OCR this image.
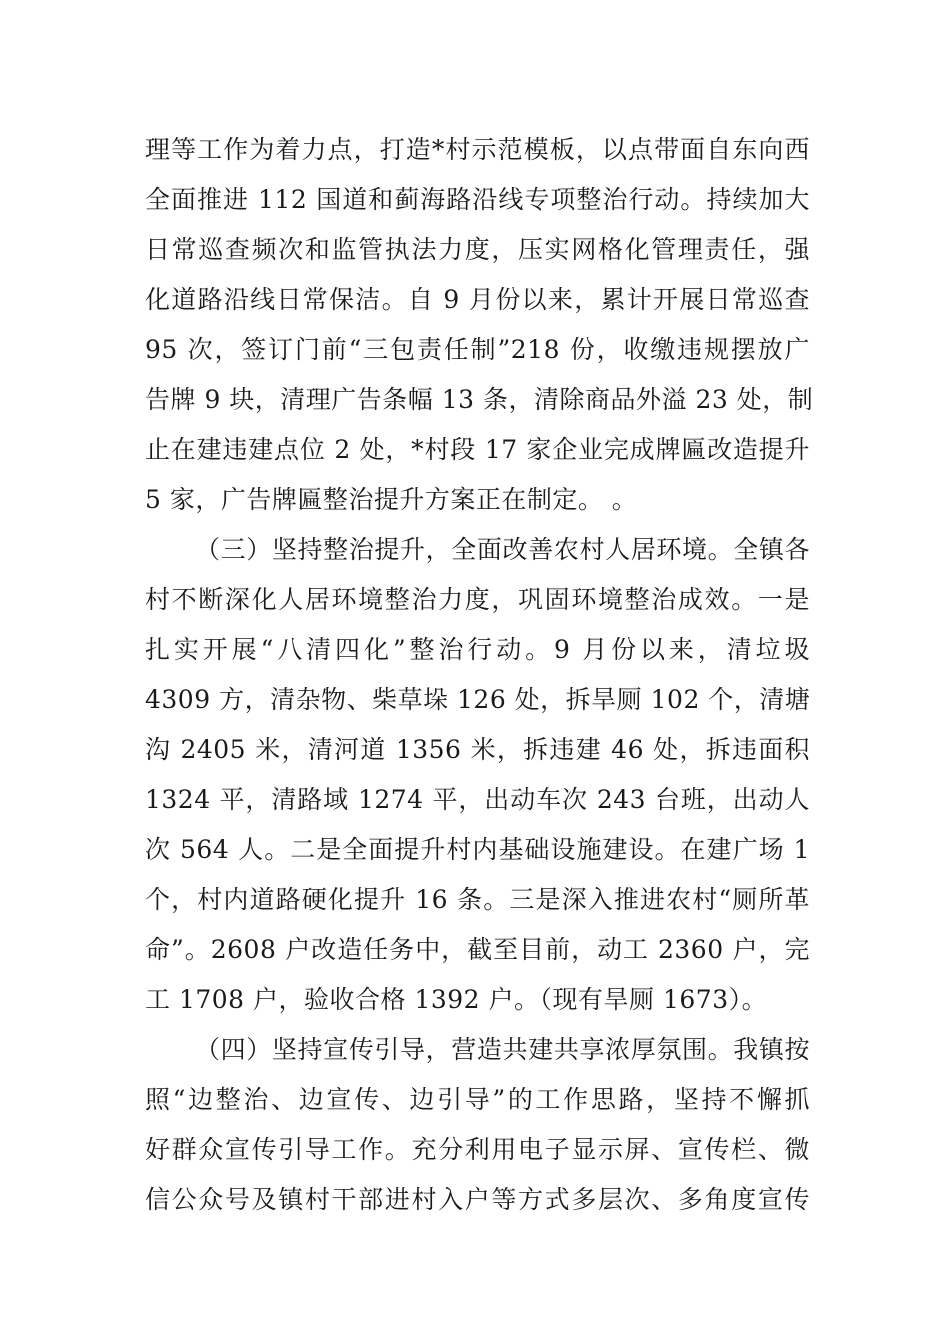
理等工作为着力点，打造*村示范模板，以点带面自东向西
全面推进 112 国道和蓟海路沿线专项整治行动。持续加大
日常巡查频次和监管执法力度，压实网格化管理责任，强
化道路沿线日常保洁。自 9 月份以来，累计开展日常巡查
95 次，签订门前“三包责任制”218 份，收缴违规摆放广
告牌 9 块，清理广告条幅 13 条，清除商品外溢 23 处，制
止在建违建点位 2 处，*村段 17 家企业完成牌匾改造提升
5 家，广告牌匾整治提升方案正在制定。 。
（三）坚持整治提升，全面改善农村人居环境。全镇各
村不断深化人居环境整治力度，巩固环境整治成效。一是
扎实开展“八清四化”整治行动。9 月份以来，清垃圾
4309 方，清杂物、柴草垛 126 处，拆旱厕 102 个，清塘
沟 2405 米，清河道 1356 米，拆违建 46 处，拆违面积
1324 平，清路域 1274 平，出动车次 243 台班，出动人
次 564 人。二是全面提升村内基础设施建设。在建广场 1
个，村内道路硬化提升 16 条。三是深入推进农村“厕所革
命”。2608 户改造任务中，截至目前，动工 2360 户，完
工 1708 户，验收合格 1392 户。（现有旱厕 1673）。
（四）坚持宣传引导，营造共建共享浓厚氛围。我镇按
照“边整治、边宣传、边引导”的工作思路，坚持不懈抓
好群众宣传引导工作。充分利用电子显示屏、宣传栏、微
信公众号及镇村干部进村入户等方式多层次、多角度宣传
